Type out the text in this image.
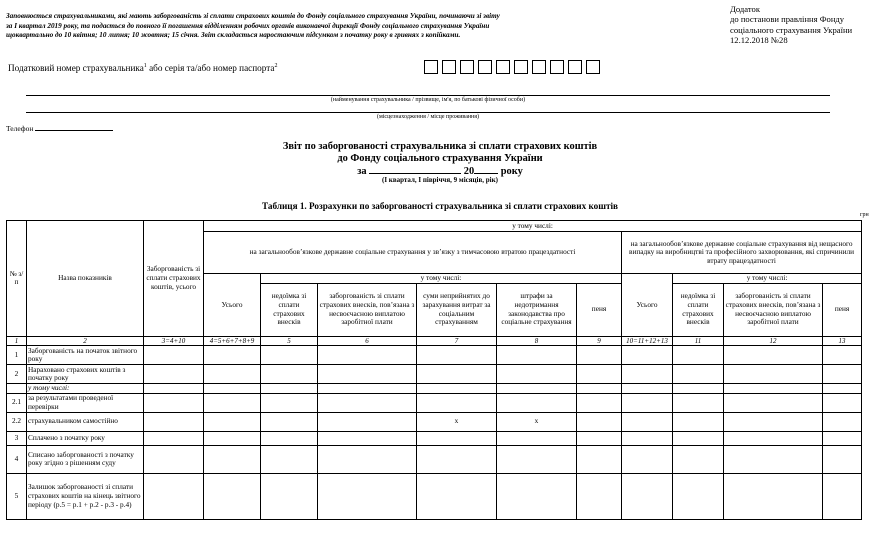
Заповнюється страхувальниками, які мають заборгованість зі сплати страхових коштів до Фонду соціального страхування України, починаючи зі звіту за І квартал 2019 року, та подається до повного її погашення відділенням робочих органів виконавчої дирекції Фонду соціального страхування України щоквартально до 10 квітня; 10 липня; 10 жовтня; 15 січня. Звіт складається наростаючим підсумком з початку року в гривнях з копійками.
Додаток
до постанови правління Фонду
соціального страхування України
12.12.2018 №28
Податковий номер страхувальника$^1$ або серія та/або номер паспорта$^2$
(найменування страхувальника / прізвище, ім'я, по батькові фізичної особи)
(місцезнаходження / місце проживання)
Телефон
Звіт по заборгованості страхувальника зі сплати страхових коштів
до Фонду соціального страхування України
за	20	року
(І квартал, І півріччя, 9 місяців, рік)
Таблиця 1. Розрахунки по заборгованості страхувальника зі сплати страхових коштів
грн
№ з/п	Назва показників	Заборгованість зі сплати страхових коштів, усього	у тому числі:									
			на загальнообов’язкове державне соціальне страхування у зв’язку з тимчасовою втратою працездатності						на загальнообов’язкове державне соціальне страхування від нещасного випадку на виробництві та професійного захворювання, які спричинили втрату працездатності			
			Усього	у тому числі:					Усього	у тому числі:		
				недоїмка зі сплати страхових внесків	заборгованість зі сплати страхових внесків, пов’язана з несвоєчасною виплатою заробітної плати	суми неприйнятих до зарахування витрат за соціальним страхуванням	штрафи за недотримання законодавства про соціальне страхування	пеня		недоїмка зі сплати страхових внесків	заборгованість зі сплати страхових внесків, пов’язана з несвоєчасною виплатою заробітної плати	пеня
1	2	3=4+10	4=5+6+7+8+9	5	6	7	8	9	10=11+12+13	11	12	13
1	Заборгованість на початок звітного року											
2	Нараховано страхових коштів з початку року											
	у тому числі:											
2.1	за результатами проведеної перевірки											
2.2	страхувальником самостійно					х	х					
3	Сплачено з початку року											
4	Списано заборгованості з початку року згідно з рішенням суду											
5	Залишок заборгованості зі сплати страхових коштів на кінець звітного періоду (р.5 = р.1 + р.2 - р.3 - р.4)											
